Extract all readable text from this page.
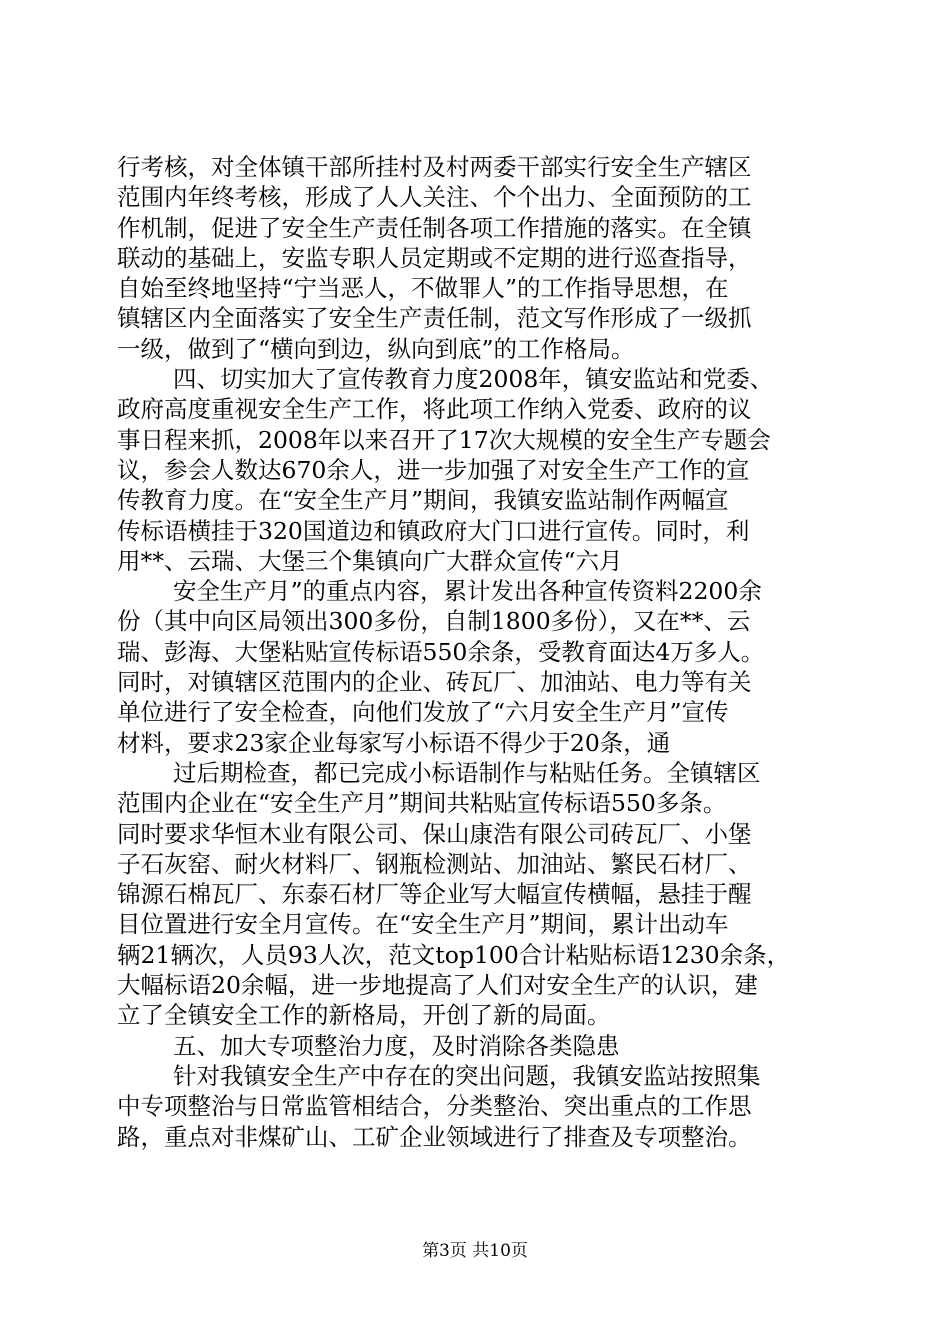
行考核，对全体镇干部所挂村及村两委干部实行安全生产辖区
范围内年终考核，形成了人人关注、个个出力、全面预防的工
作机制，促进了安全生产责任制各项工作措施的落实。在全镇
联动的基础上，安监专职人员定期或不定期的进行巡查指导，
自始至终地坚持“宁当恶人，不做罪人”的工作指导思想，在
镇辖区内全面落实了安全生产责任制，范文写作形成了一级抓
一级，做到了“横向到边，纵向到底”的工作格局。
四、切实加大了宣传教育力度2008年，镇安监站和党委、
政府高度重视安全生产工作，将此项工作纳入党委、政府的议
事日程来抓，2008年以来召开了17次大规模的安全生产专题会
议，参会人数达670余人，进一步加强了对安全生产工作的宣
传教育力度。在“安全生产月”期间，我镇安监站制作两幅宣
传标语横挂于320国道边和镇政府大门口进行宣传。同时，利
用**、云瑞、大堡三个集镇向广大群众宣传“六月
安全生产月”的重点内容，累计发出各种宣传资料2200余
份（其中向区局领出300多份，自制1800多份），又在**、云
瑞、彭海、大堡粘贴宣传标语550余条，受教育面达4万多人。
同时，对镇辖区范围内的企业、砖瓦厂、加油站、电力等有关
单位进行了安全检查，向他们发放了“六月安全生产月”宣传
材料，要求23家企业每家写小标语不得少于20条，通
过后期检查，都已完成小标语制作与粘贴任务。全镇辖区
范围内企业在“安全生产月”期间共粘贴宣传标语550多条。
同时要求华恒木业有限公司、保山康浩有限公司砖瓦厂、小堡
子石灰窑、耐火材料厂、钢瓶检测站、加油站、繁民石材厂、
锦源石棉瓦厂、东泰石材厂等企业写大幅宣传横幅，悬挂于醒
目位置进行安全月宣传。在“安全生产月”期间，累计出动车
辆21辆次，人员93人次，范文top100合计粘贴标语1230余条，
大幅标语20余幅，进一步地提高了人们对安全生产的认识，建
立了全镇安全工作的新格局，开创了新的局面。
五、加大专项整治力度，及时消除各类隐患
针对我镇安全生产中存在的突出问题，我镇安监站按照集
中专项整治与日常监管相结合，分类整治、突出重点的工作思
路，重点对非煤矿山、工矿企业领域进行了排查及专项整治。
第3页 共10页
